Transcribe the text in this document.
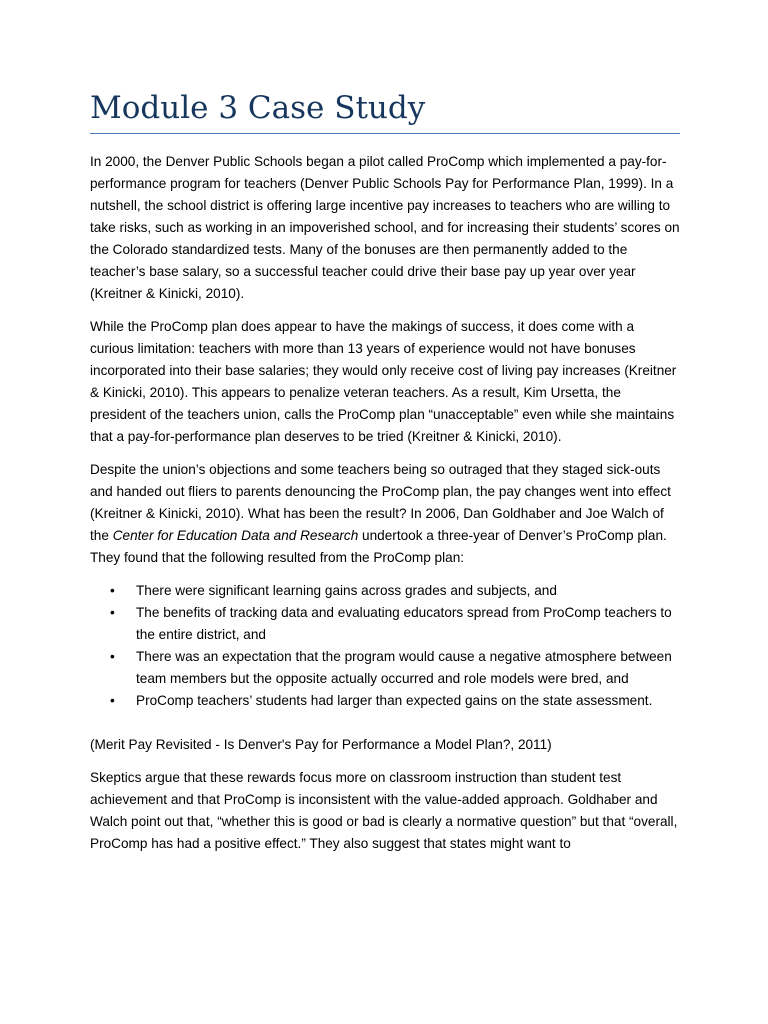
Module 3 Case Study

In 2000, the Denver Public Schools began a pilot called ProComp which implemented a pay-for-performance program for teachers (Denver Public Schools Pay for Performance Plan, 1999). In a nutshell, the school district is offering large incentive pay increases to teachers who are willing to take risks, such as working in an impoverished school, and for increasing their students’ scores on the Colorado standardized tests. Many of the bonuses are then permanently added to the teacher’s base salary, so a successful teacher could drive their base pay up year over year (Kreitner & Kinicki, 2010).

While the ProComp plan does appear to have the makings of success, it does come with a curious limitation: teachers with more than 13 years of experience would not have bonuses incorporated into their base salaries; they would only receive cost of living pay increases (Kreitner & Kinicki, 2010). This appears to penalize veteran teachers. As a result, Kim Ursetta, the president of the teachers union, calls the ProComp plan “unacceptable” even while she maintains that a pay-for-performance plan deserves to be tried (Kreitner & Kinicki, 2010).

Despite the union’s objections and some teachers being so outraged that they staged sick-outs and handed out fliers to parents denouncing the ProComp plan, the pay changes went into effect (Kreitner & Kinicki, 2010). What has been the result? In 2006, Dan Goldhaber and Joe Walch of the Center for Education Data and Research undertook a three-year of Denver’s ProComp plan. They found that the following resulted from the ProComp plan:

• There were significant learning gains across grades and subjects, and
• The benefits of tracking data and evaluating educators spread from ProComp teachers to the entire district, and
• There was an expectation that the program would cause a negative atmosphere between team members but the opposite actually occurred and role models were bred, and
• ProComp teachers’ students had larger than expected gains on the state assessment.

(Merit Pay Revisited - Is Denver's Pay for Performance a Model Plan?, 2011)

Skeptics argue that these rewards focus more on classroom instruction than student test achievement and that ProComp is inconsistent with the value-added approach. Goldhaber and Walch point out that, “whether this is good or bad is clearly a normative question” but that “overall, ProComp has had a positive effect.” They also suggest that states might want to
